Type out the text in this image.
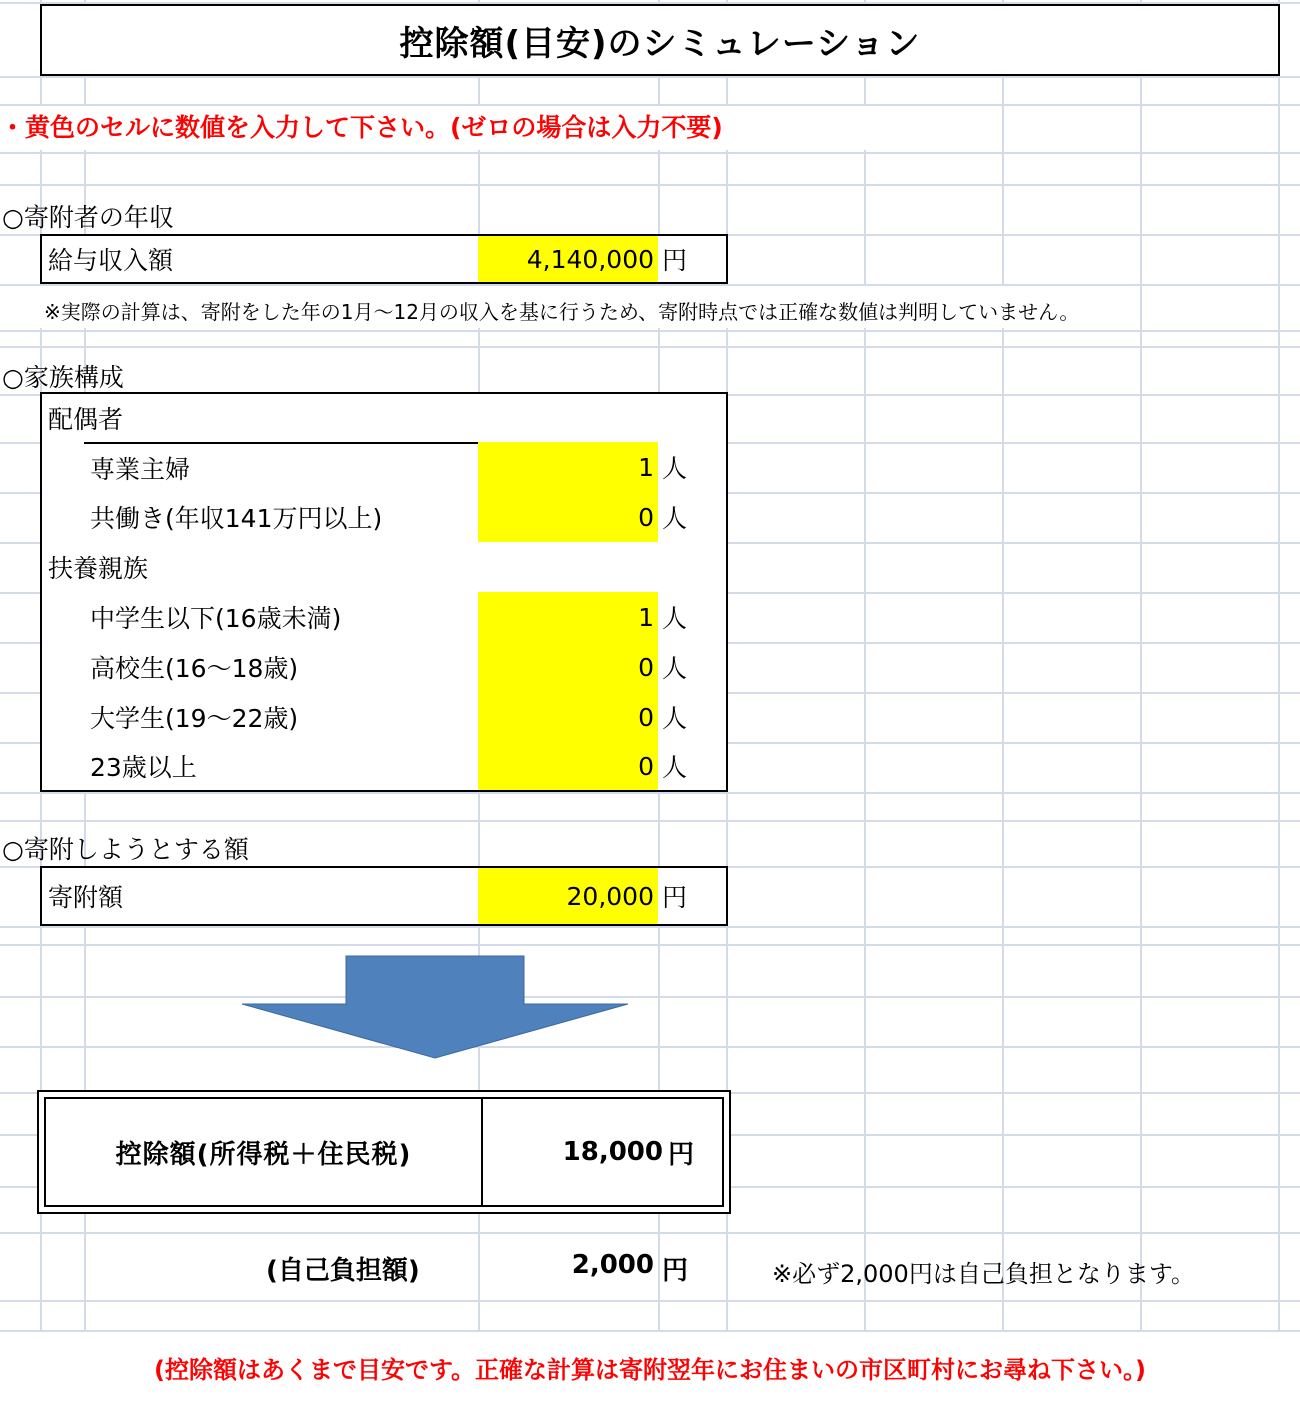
控除額(目安)のシミュレーション
・黄色のセルに数値を入力して下さい。(ゼロの場合は入力不要)
○寄附者の年収
給与収入額	4,140,000 円
※実際の計算は、寄附をした年の1月～12月の収入を基に行うため、寄附時点では正確な数値は判明していません。
○家族構成
配偶者
専業主婦	1 人
共働き(年収141万円以上)	0 人
扶養親族
中学生以下(16歳未満)	1 人
高校生(16～18歳)	0 人
大学生(19～22歳)	0 人
23歳以上	0 人
○寄附しようとする額
寄附額	20,000 円
控除額(所得税＋住民税)	18,000 円
(自己負担額)	2,000 円	※必ず2,000円は自己負担となります。
(控除額はあくまで目安です。正確な計算は寄附翌年にお住まいの市区町村にお尋ね下さい。)
